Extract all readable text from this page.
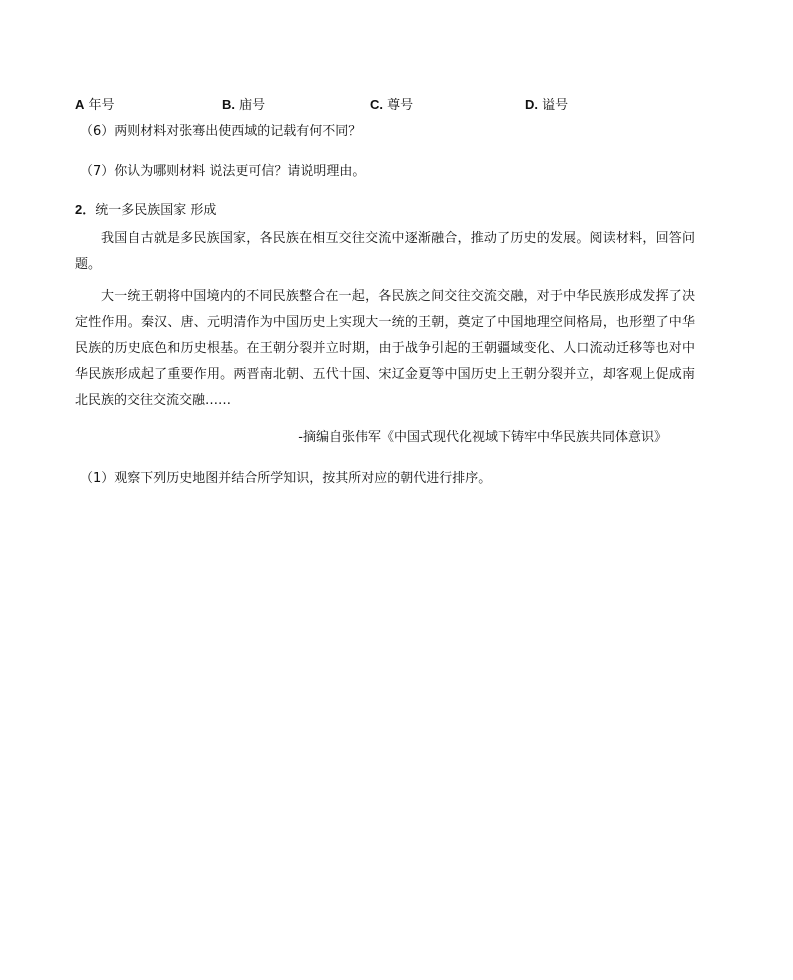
A 年号	B. 庙号	C. 尊号	D. 谥号
（6）两则材料对张骞出使西域的记载有何不同？
（7）你认为哪则材料 说法更可信？请说明理由。
2．统一多民族国家 形成
我国自古就是多民族国家，各民族在相互交往交流中逐渐融合，推动了历史的发展。阅读材料，回答问题。
大一统王朝将中国境内的不同民族整合在一起，各民族之间交往交流交融，对于中华民族形成发挥了决定性作用。秦汉、唐、元明清作为中国历史上实现大一统的王朝，奠定了中国地理空间格局，也形塑了中华民族的历史底色和历史根基。在王朝分裂并立时期，由于战争引起的王朝疆域变化、人口流动迁移等也对中华民族形成起了重要作用。两晋南北朝、五代十国、宋辽金夏等中国历史上王朝分裂并立，却客观上促成南北民族的交往交流交融……
-摘编自张伟军《中国式现代化视域下铸牢中华民族共同体意识》
（1）观察下列历史地图并结合所学知识，按其所对应的朝代进行排序。
